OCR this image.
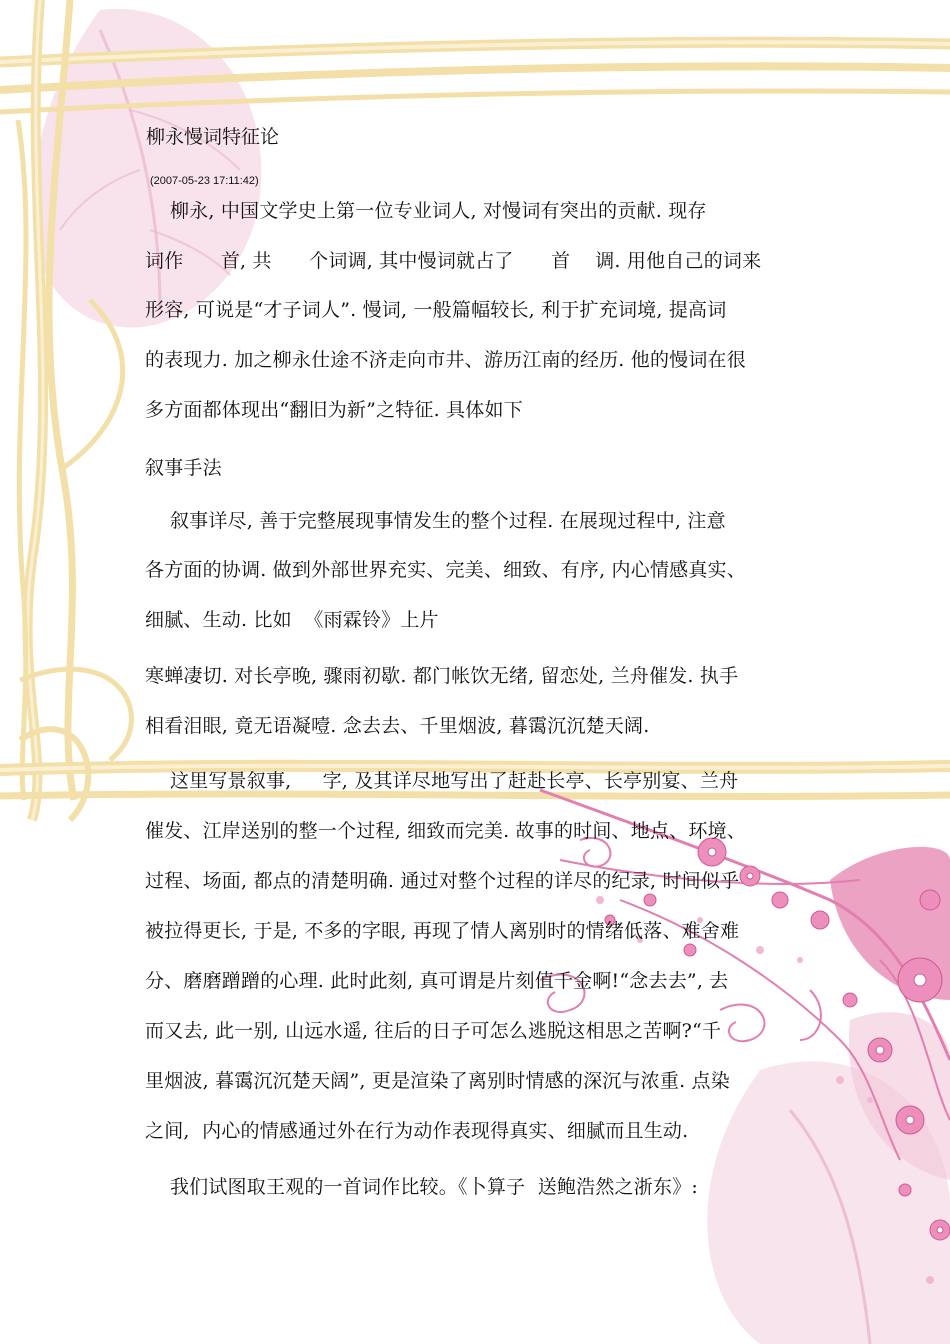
柳永慢词特征论
(2007-05-23 17:11:42)
柳永, 中国文学史上第一位专业词人, 对慢词有突出的贡献. 现存
词作      首, 共      个词调, 其中慢词就占了      首    调. 用他自己的词来
形容, 可说是“才子词人”. 慢词, 一般篇幅较长, 利于扩充词境, 提高词
的表现力. 加之柳永仕途不济走向市井、游历江南的经历. 他的慢词在很
多方面都体现出“翻旧为新”之特征. 具体如下
叙事手法
叙事详尽, 善于完整展现事情发生的整个过程. 在展现过程中, 注意
各方面的协调. 做到外部世界充实、完美、细致、有序, 内心情感真实、
细腻、生动. 比如  《雨霖铃》上片
寒蝉凄切. 对长亭晚, 骤雨初歇. 都门帐饮无绪, 留恋处, 兰舟催发. 执手
相看泪眼, 竟无语凝噎. 念去去、千里烟波, 暮霭沉沉楚天阔.
这里写景叙事,     字, 及其详尽地写出了赶赴长亭、长亭别宴、兰舟
催发、江岸送别的整一个过程, 细致而完美. 故事的时间、地点、环境、
过程、场面, 都点的清楚明确. 通过对整个过程的详尽的纪录, 时间似乎
被拉得更长, 于是, 不多的字眼, 再现了情人离别时的情绪低落、难舍难
分、磨磨蹭蹭的心理. 此时此刻, 真可谓是片刻值千金啊!“念去去”, 去
而又去, 此一别, 山远水遥, 往后的日子可怎么逃脱这相思之苦啊?“千
里烟波, 暮霭沉沉楚天阔”, 更是渲染了离别时情感的深沉与浓重. 点染
之间,  内心的情感通过外在行为动作表现得真实、细腻而且生动.
我们试图取王观的一首词作比较。《卜算子  送鲍浩然之浙东》:
